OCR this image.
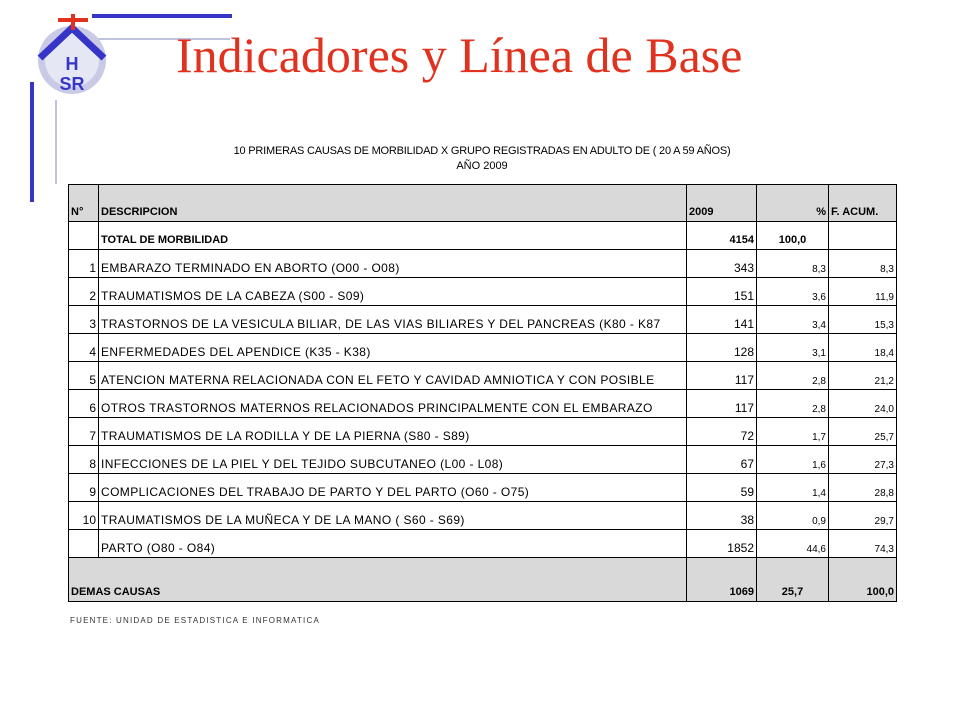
H
SR
Indicadores y Línea de Base
10 PRIMERAS CAUSAS DE MORBILIDAD X GRUPO REGISTRADAS EN ADULTO DE ( 20 A 59 AÑOS)
AÑO 2009
N°	DESCRIPCION	2009	%	F. ACUM.
	TOTAL DE MORBILIDAD	4154	100,0	
1	EMBARAZO TERMINADO EN ABORTO (O00 - O08)	343	8,3	8,3
2	TRAUMATISMOS DE LA CABEZA (S00 - S09)	151	3,6	11,9
3	TRASTORNOS DE LA VESICULA BILIAR, DE LAS VIAS BILIARES Y DEL PANCREAS (K80 - K87	141	3,4	15,3
4	ENFERMEDADES DEL APENDICE (K35 - K38)	128	3,1	18,4
5	ATENCION MATERNA RELACIONADA CON EL FETO Y CAVIDAD AMNIOTICA Y CON POSIBLE	117	2,8	21,2
6	OTROS TRASTORNOS MATERNOS RELACIONADOS PRINCIPALMENTE CON EL EMBARAZO	117	2,8	24,0
7	TRAUMATISMOS DE LA RODILLA Y DE LA PIERNA (S80 - S89)	72	1,7	25,7
8	INFECCIONES DE LA PIEL Y DEL TEJIDO SUBCUTANEO (L00 - L08)	67	1,6	27,3
9	COMPLICACIONES DEL TRABAJO DE PARTO Y DEL PARTO (O60 - O75)	59	1,4	28,8
10	TRAUMATISMOS DE LA MUÑECA Y DE LA MANO ( S60 - S69)	38	0,9	29,7
	PARTO (O80 - O84)	1852	44,6	74,3
DEMAS CAUSAS		1069	25,7	100,0
FUENTE: UNIDAD DE ESTADISTICA E INFORMATICA
